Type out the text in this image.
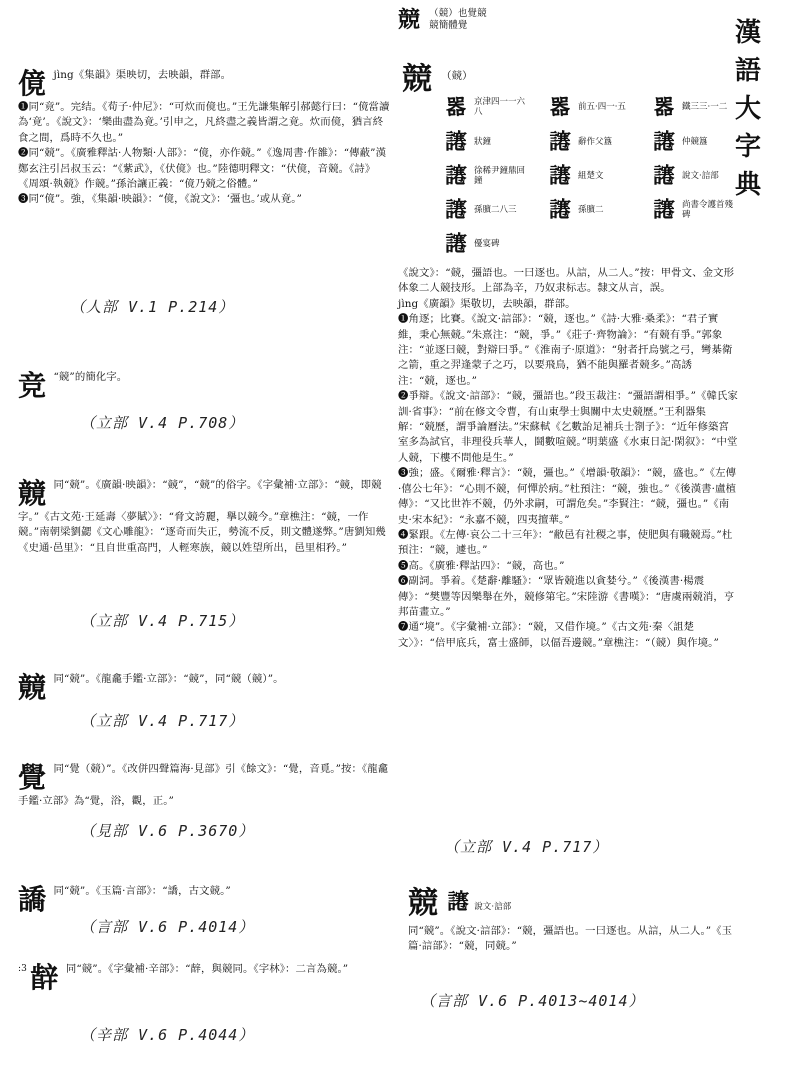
漢
語
大
字
典
傹 jìng《集韻》渠映切，去映韻，群部。
❶同“竟”。完结。《荀子·仲尼》：“可炊而傹也。”王先謙集解引郝懿行曰：“傹當讀為‘竟’。《說文》：‘樂曲盡為竟。’引申之，凡終盡之義皆謂之竟。炊而傹，猶言終食之間，爲時不久也。”
❷同“競”。《廣雅釋詁·人物類·人部》：“傹，亦作競。”《逸周書·作雒》：“傳蔽”漢鄭玄注引呂叔玉云：“《紫武》，《伏傹》也。”陸德明釋文：“伏傹，音競。《詩》《周頌·執競》作競。”孫治讓正義：“傹乃競之俗體。”
❸同“傹”。強，《集韻·映韻》：“傹，《說文》：‘彊也。’或从竟。”
（人部 V.1 P.214）
竞 “競”的簡化字。
（立部 V.4 P.708）
竸 同“競”。《廣韻·映韻》：“竸”，“競”的俗字。《字彙補·立部》：“竸，即競字。”《古文苑·王延壽〈夢賦〉》：“脅文誇麗，擧以竸今。”章樵注：“竸，一作競。”南朝梁劉勰《文心雕龍》：“逐奇而失正，勢流不反，則文體遂弊。”唐劉知幾《史通·邑里》：“且自世重高門，人輕寒族，竸以姓望所出，邑里相矜。”
（立部 V.4 P.715）
竸 同“競”。《龍龕手鑑·立部》：“竸”，同“競（竸）”。
（立部 V.4 P.717）
覺 同“覺（競）”。《改併四聲篇海·見部》引《餘文》：“覺，音覓。”按：《龍龕手鑑·立部》為“覺，浴，觀，正。”
（見部 V.6 P.3670）
譑 同“競”。《玉篇·言部》：“譑，古文競。”
（言部 V.6 P.4014）
:3 辪 同“競”。《字彙補·辛部》：“辪，與競同。《字林》：二言為競。”
（辛部 V.6 P.4044）
競 （競）也覺競
競簡體覺
競 （競）
𠾖 京津四一一六八	𠾖 前五·四一·五	𠾖 鐵三三·一二
𧬯 狀鐘	𧬯 辭作父簋	𧬯 仲競簋
𧬯 徐稀尹鐘鼎回鐘	𧬯 組楚文	𧬯 說文·誩部
𧬯 孫臏二八三	𧬯 孫臏二	𧬯 尚書令護首殘碑
𧬯 優宴碑
《說文》：“競，彊語也。一曰逐也。从誩，从二人。”按：甲骨文、金文形体象二人競技形。上部為辛，乃奴隶标志。隸文从言，誤。
jìng《廣韻》渠敬切，去映韻，群部。
❶角逐；比賽。《說文·誩部》：“競，逐也。”《詩·大雅·桑柔》：“君子實維，秉心無競。”朱熹注：“競，爭。”《莊子·齊物論》：“有競有爭。”郭象注：“並逐曰競，對辯曰爭。”《淮南子·原道》：“射者扞烏號之弓，彎棊衛之箭，重之羿逢蒙子之巧，以要飛鳥，猶不能與羅者競多。”高誘注：“競，逐也。”
❷爭辯。《說文·誩部》：“競，彊語也。”段玉裁注：“彊語謂相爭。”《韓氏家訓·省事》：“前在修文令曹，有山東學士與關中太史競歷。”王利器集解：“競歷，謂爭論曆法。”宋蘇軾《乞數詒足補兵士劄子》：“近年修築宮室多為試官，非理役兵華人，鬪數喧競。”明葉盛《水東日記·閑叙》：“中堂人競，下樓不問他是生。”
❸強；盛。《爾雅·釋言》：“競，彊也。”《增韻·敬韻》：“競，盛也。”《左傳·僖公七年》：“心則不競，何憚於病。”杜預注：“競，強也。”《後漢書·盧植傳》：“又比世祚不競，仍外求嗣，可謂危矣。”李賢注：“競，彊也。”《南史·宋本紀》：“永嘉不競，四夷擅華。”
❹緊跟。《左傳·哀公二十三年》：“敝邑有社稷之事，使肥與有職競焉。”杜預注：“競，遽也。”
❺高。《廣雅·釋詁四》：“競，高也。”
❻副詞。爭着。《楚辭·離騷》：“眾皆競進以貪婪兮。”《後漢書·楊震傳》：“樊豐等因樂舉在外，競修第宅。”宋陸游《書嘆》：“唐虞兩競消，亨邦苗畫立。”
❼通“境”。《字彙補·立部》：“競，又借作境。”《古文苑·秦〈詛楚文〉》：“倍甲底兵，富士盛師，以偪吾邊競。”章樵注：“（競）與作境。”
（立部 V.4 P.717）
競 𧬯 說文·誩部
同“競”。《說文·誩部》：“競，彊語也。一曰逐也。从誩，从二人。”《玉篇·誩部》：“競，同競。”
（言部 V.6 P.4013~4014）
